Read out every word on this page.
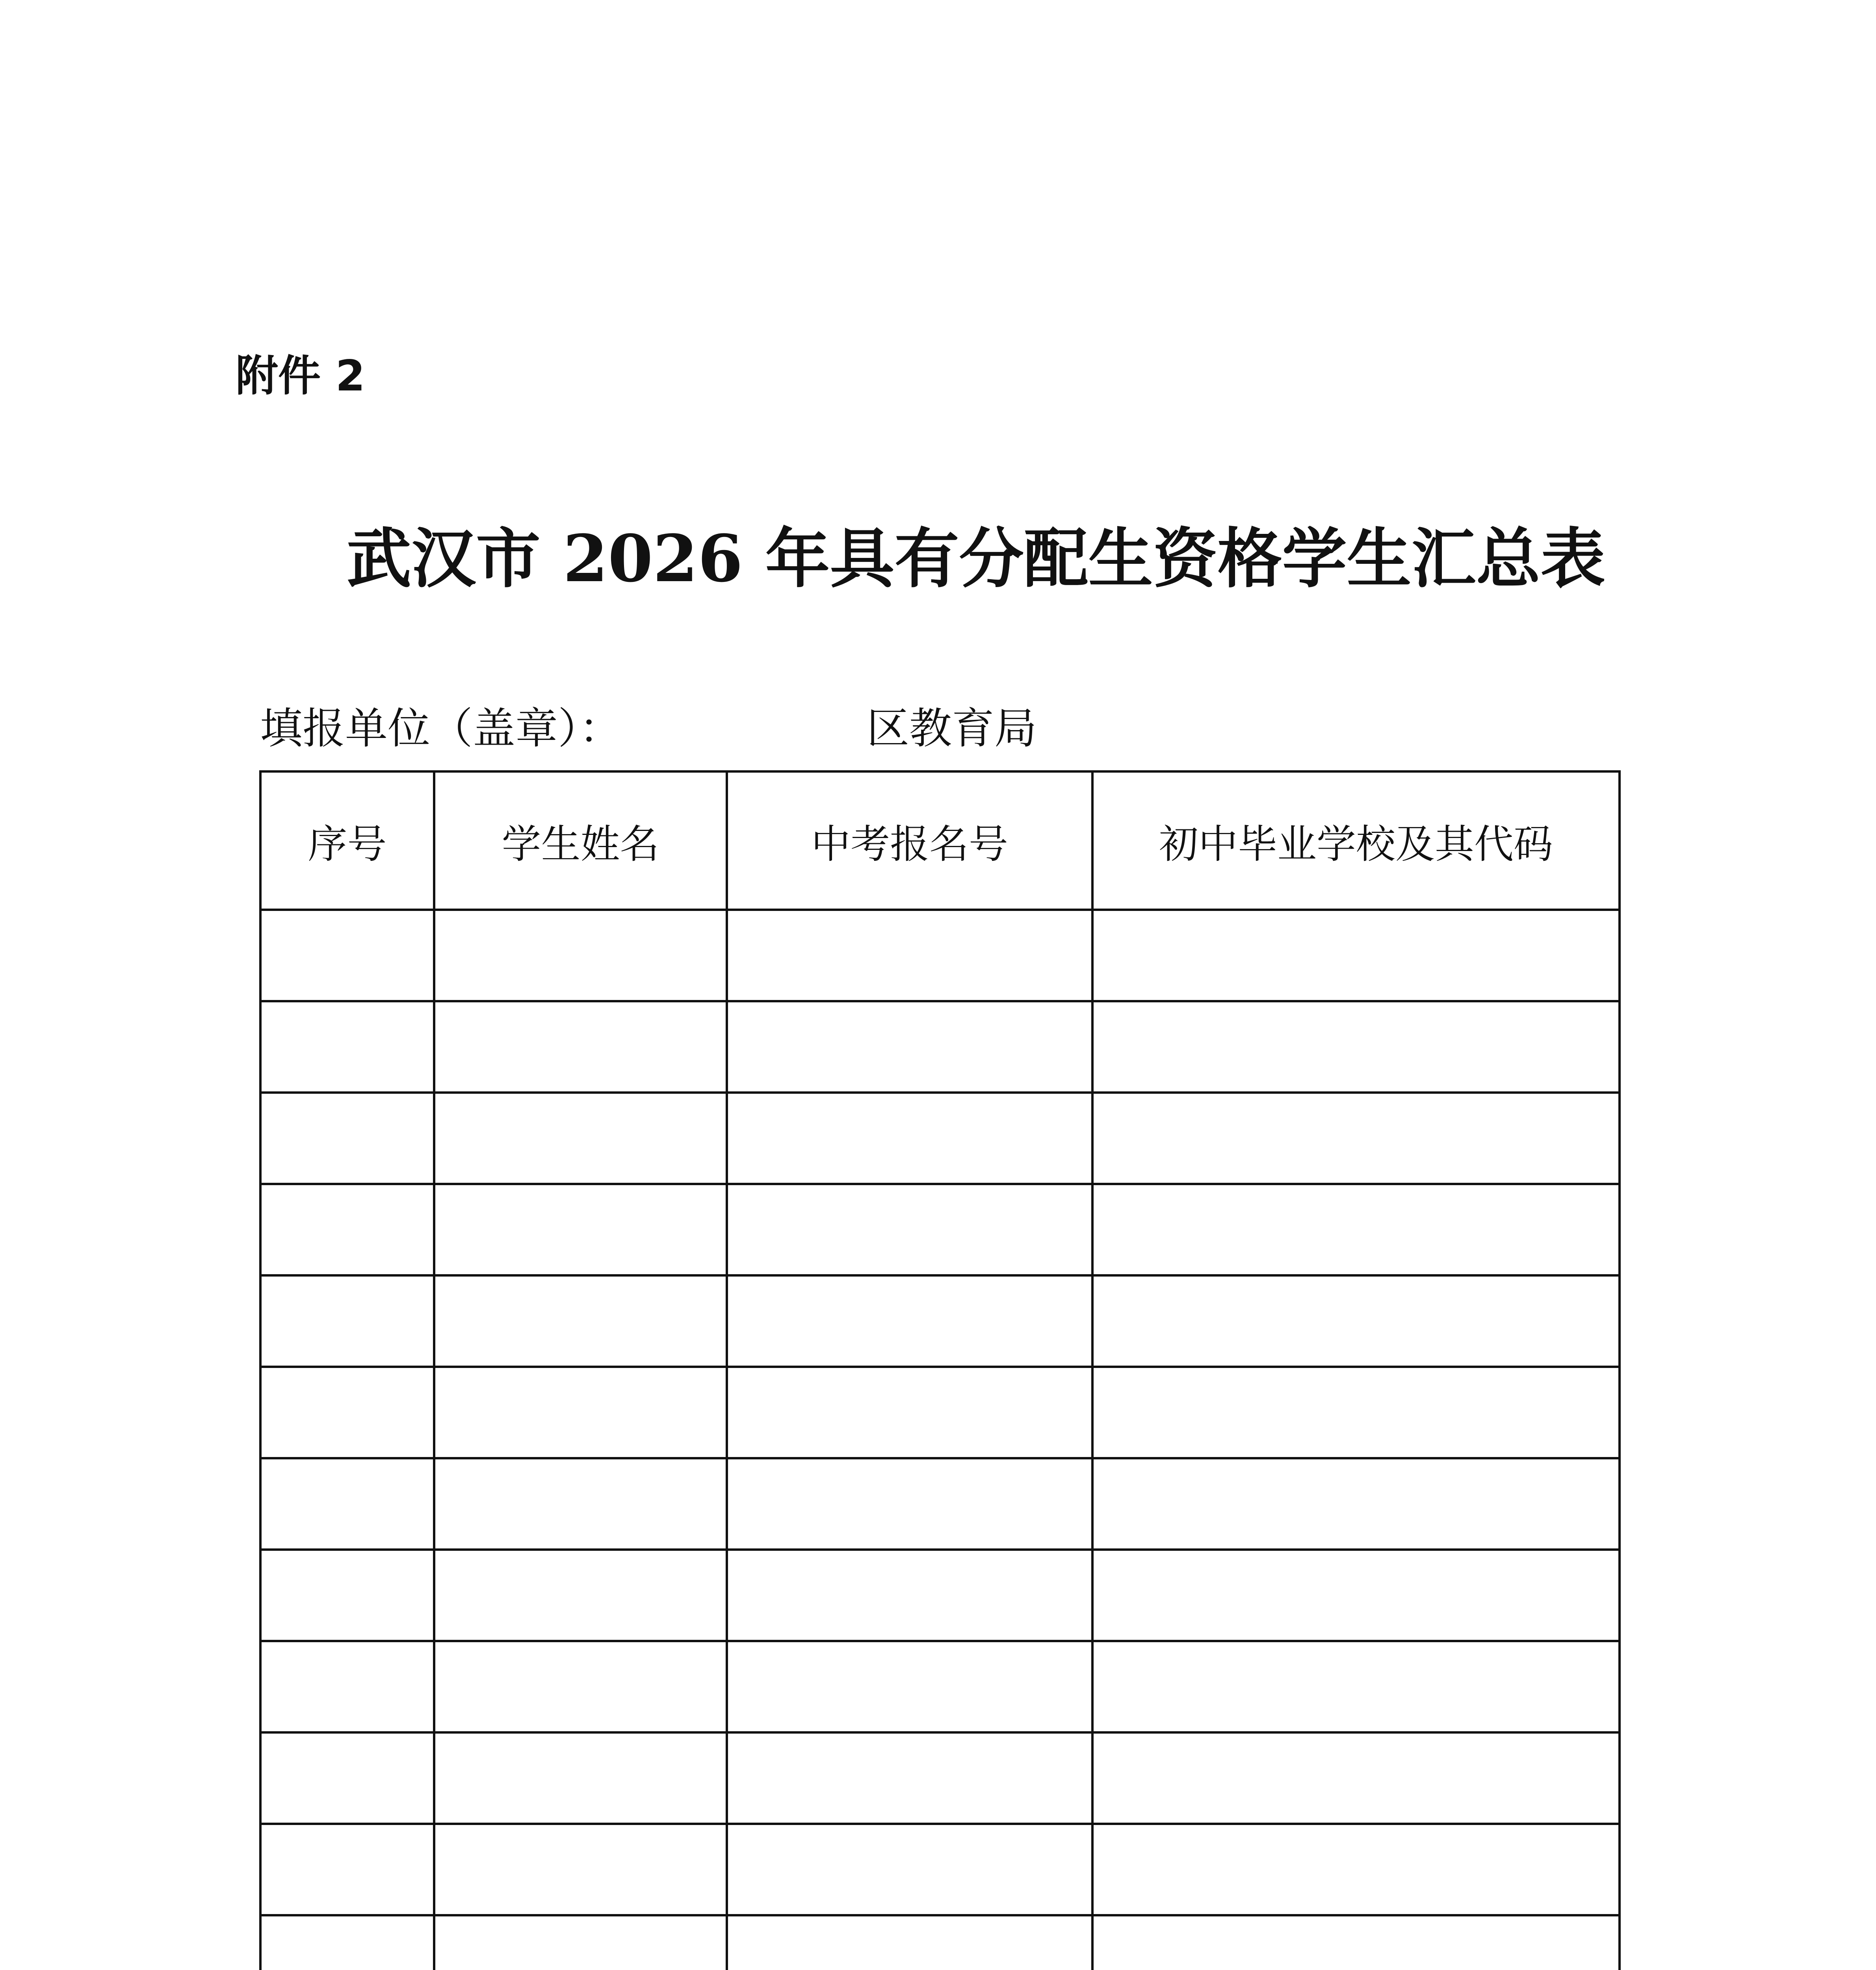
附件 2
武汉市 2026 年具有分配生资格学生汇总表
填报单位（盖章）：	区教育局
序号	学生姓名	中考报名号	初中毕业学校及其代码
